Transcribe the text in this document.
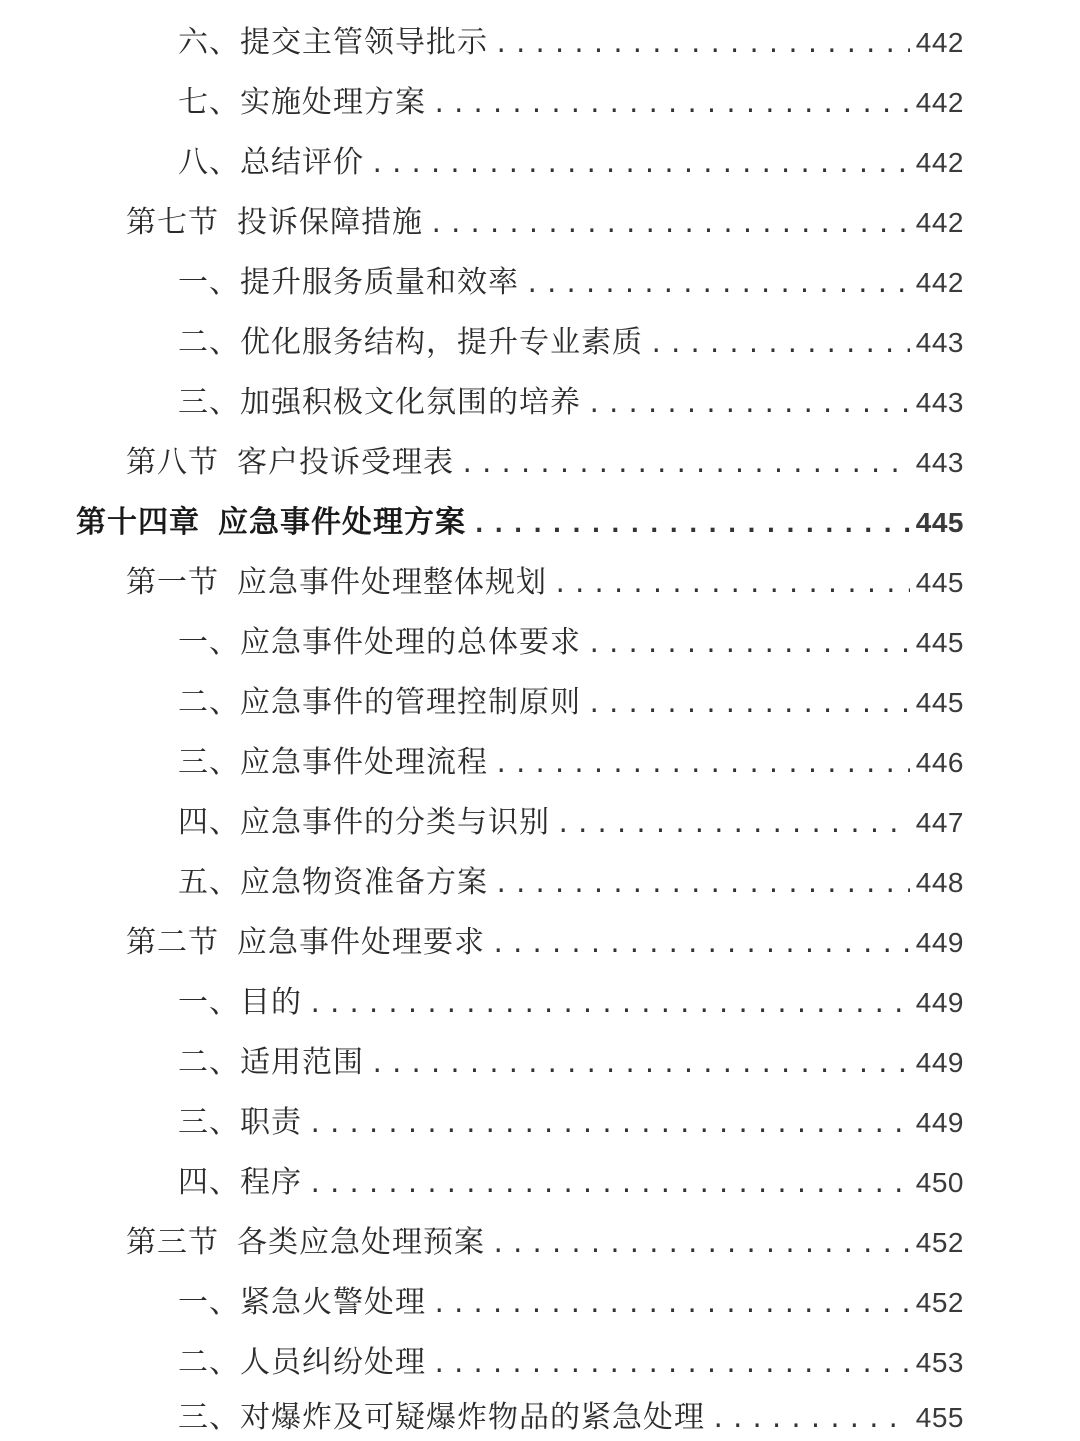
六、 提交主管领导批示 .....	442
七、 实施处理方案 .....	442
八、 总结评价 .....	442
第七节 投诉保障措施 .....	442
一、 提升服务质量和效率 .....	442
二、 优化服务结构，提升专业素质 .....	443
三、 加强积极文化氛围的培养 .....	443
第八节 客户投诉受理表 .....	443
第十四章 应急事件处理方案 .....	445
第一节 应急事件处理整体规划 .....	445
一、 应急事件处理的总体要求 .....	445
二、 应急事件的管理控制原则 .....	445
三、 应急事件处理流程 .....	446
四、 应急事件的分类与识别 .....	447
五、 应急物资准备方案 .....	448
第二节 应急事件处理要求 .....	449
一、 目的 .....	449
二、 适用范围 .....	449
三、 职责 .....	449
四、 程序 .....	450
第三节 各类应急处理预案 .....	452
一、 紧急火警处理 .....	452
二、 人员纠纷处理 .....	453
三、 对爆炸及可疑爆炸物品的紧急处理 .....	455
